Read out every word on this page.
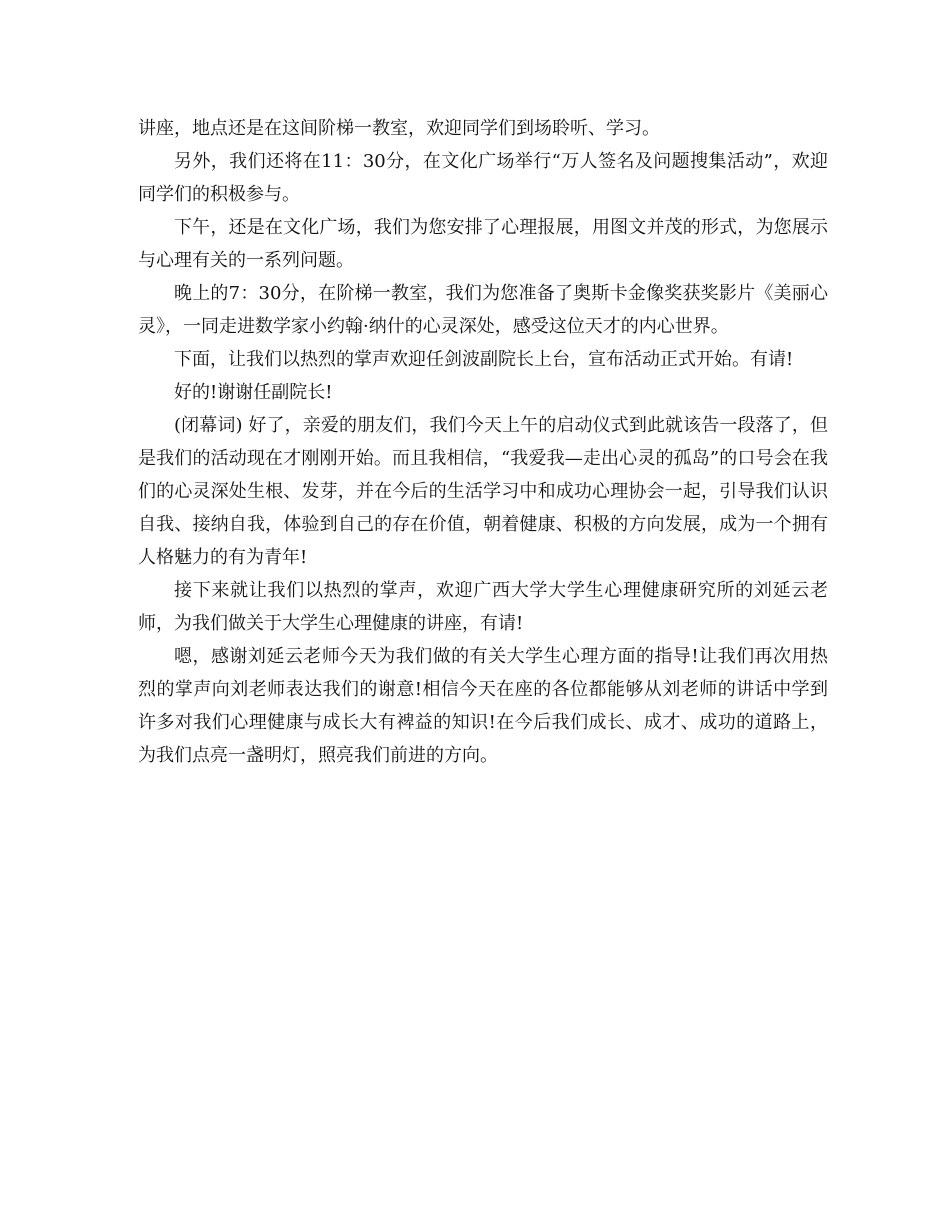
讲座，地点还是在这间阶梯一教室，欢迎同学们到场聆听、学习。

另外，我们还将在11：30分，在文化广场举行“万人签名及问题搜集活动”，欢迎同学们的积极参与。

下午，还是在文化广场，我们为您安排了心理报展，用图文并茂的形式，为您展示与心理有关的一系列问题。

晚上的7：30分，在阶梯一教室，我们为您准备了奥斯卡金像奖获奖影片《美丽心灵》，一同走进数学家小约翰·纳什的心灵深处，感受这位天才的内心世界。

下面，让我们以热烈的掌声欢迎任剑波副院长上台，宣布活动正式开始。有请!

好的!谢谢任副院长!

(闭幕词) 好了，亲爱的朋友们，我们今天上午的启动仪式到此就该告一段落了，但是我们的活动现在才刚刚开始。而且我相信，“我爱我—走出心灵的孤岛”的口号会在我们的心灵深处生根、发芽，并在今后的生活学习中和成功心理协会一起，引导我们认识自我、接纳自我，体验到自己的存在价值，朝着健康、积极的方向发展，成为一个拥有人格魅力的有为青年!

接下来就让我们以热烈的掌声，欢迎广西大学大学生心理健康研究所的刘延云老师，为我们做关于大学生心理健康的讲座，有请!

嗯，感谢刘延云老师今天为我们做的有关大学生心理方面的指导!让我们再次用热烈的掌声向刘老师表达我们的谢意!相信今天在座的各位都能够从刘老师的讲话中学到许多对我们心理健康与成长大有裨益的知识!在今后我们成长、成才、成功的道路上，为我们点亮一盏明灯，照亮我们前进的方向。
